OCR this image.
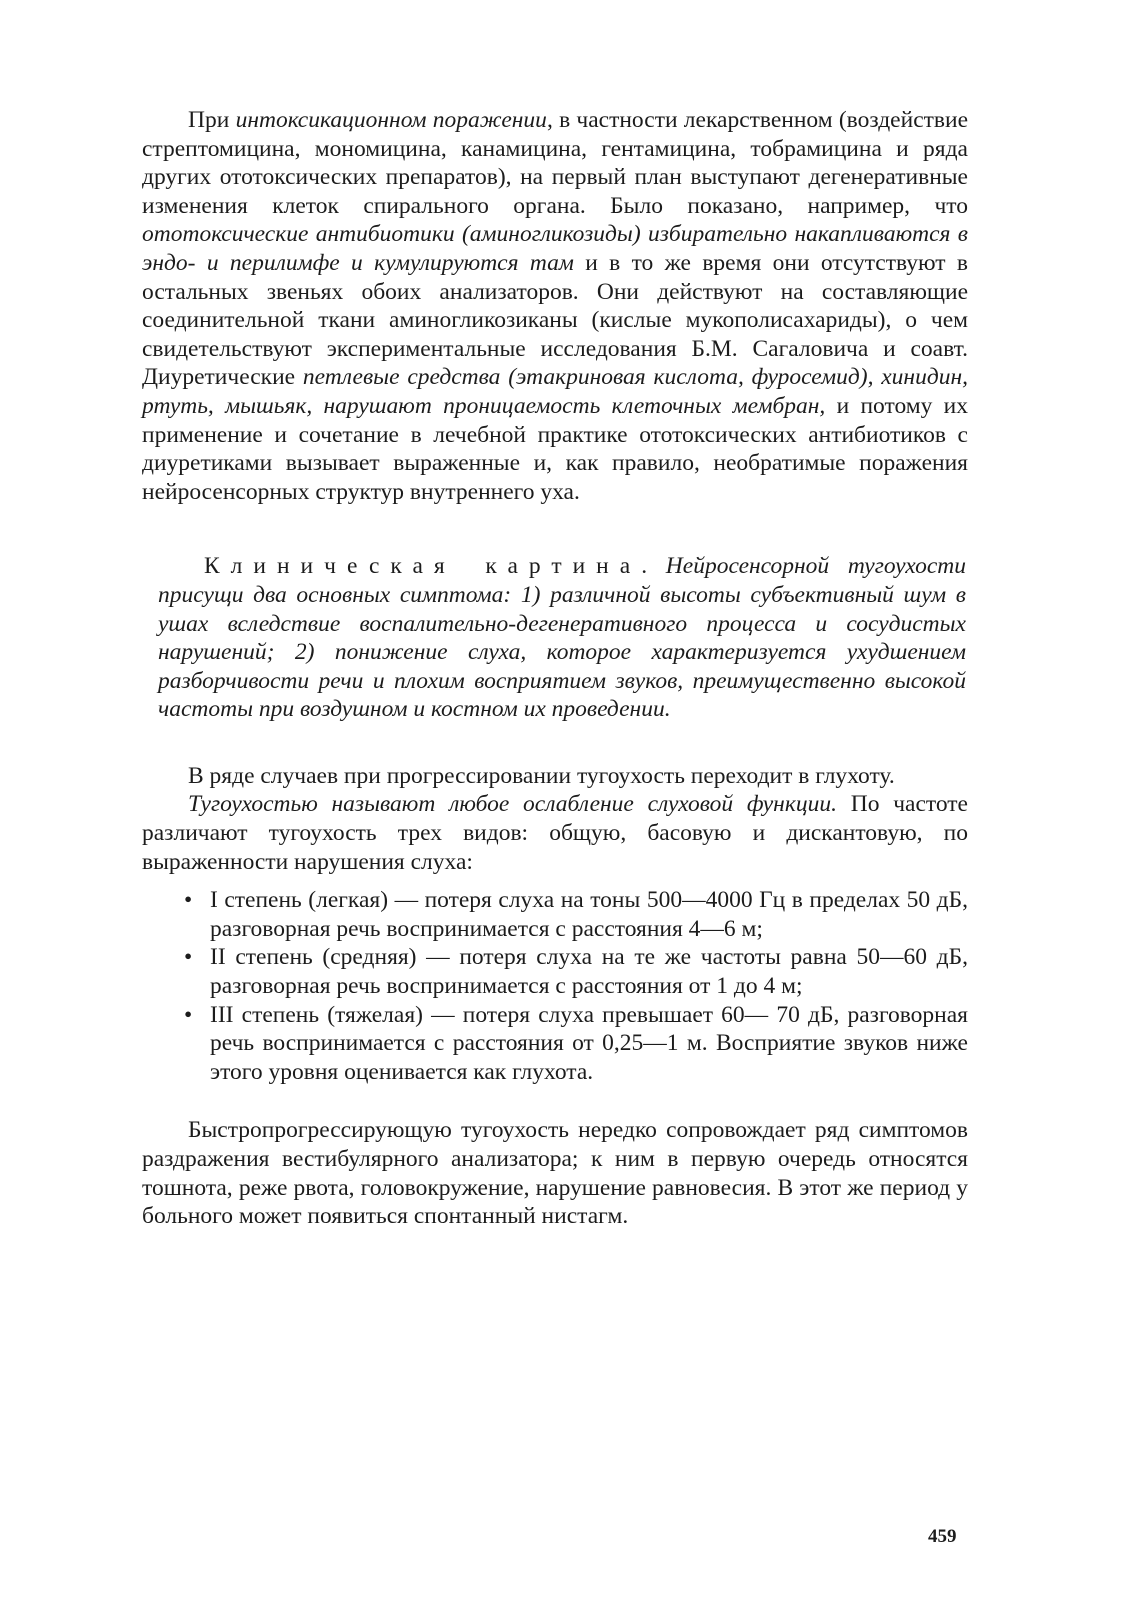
При интоксикационном поражении, в частности лекарственном (воздействие стрептомицина, мономицина, канамицина, гентамицина, тобрамицина и ряда других ототоксических препаратов), на первый план выступают дегенеративные изменения клеток спирального органа. Было показано, например, что ототоксические антибиотики (аминогликозиды) избирательно накапливаются в эндо- и перилимфе и кумулируются там и в то же время они отсутствуют в остальных звеньях обоих анализаторов. Они действуют на составляющие соединительной ткани аминогликозиканы (кислые мукополисахариды), о чем свидетельствуют экспериментальные исследования Б.М. Сагаловича и соавт. Диуретические петлевые средства (этакриновая кислота, фуросемид), хинидин, ртуть, мышьяк, нарушают проницаемость клеточных мембран, и потому их применение и сочетание в лечебной практике ототоксических антибиотиков с диуретиками вызывает выраженные и, как правило, необратимые поражения нейросенсорных структур внутреннего уха.

Клиническая картина. Нейросенсорной тугоухости присущи два основных симптома: 1) различной высоты субъективный шум в ушах вследствие воспалительно-дегенеративного процесса и сосудистых нарушений; 2) понижение слуха, которое характеризуется ухудшением разборчивости речи и плохим восприятием звуков, преимущественно высокой частоты при воздушном и костном их проведении.

В ряде случаев при прогрессировании тугоухость переходит в глухоту.

Тугоухостью называют любое ослабление слуховой функции. По частоте различают тугоухость трех видов: общую, басовую и дискантовую, по выраженности нарушения слуха:

• I степень (легкая) — потеря слуха на тоны 500—4000 Гц в пределах 50 дБ, разговорная речь воспринимается с расстояния 4—6 м;
• II степень (средняя) — потеря слуха на те же частоты равна 50—60 дБ, разговорная речь воспринимается с расстояния от 1 до 4 м;
• III степень (тяжелая) — потеря слуха превышает 60— 70 дБ, разговорная речь воспринимается с расстояния от 0,25—1 м. Восприятие звуков ниже этого уровня оценивается как глухота.

Быстропрогрессирующую тугоухость нередко сопровождает ряд симптомов раздражения вестибулярного анализатора; к ним в первую очередь относятся тошнота, реже рвота, головокружение, нарушение равновесия. В этот же период у больного может появиться спонтанный нистагм.

459
